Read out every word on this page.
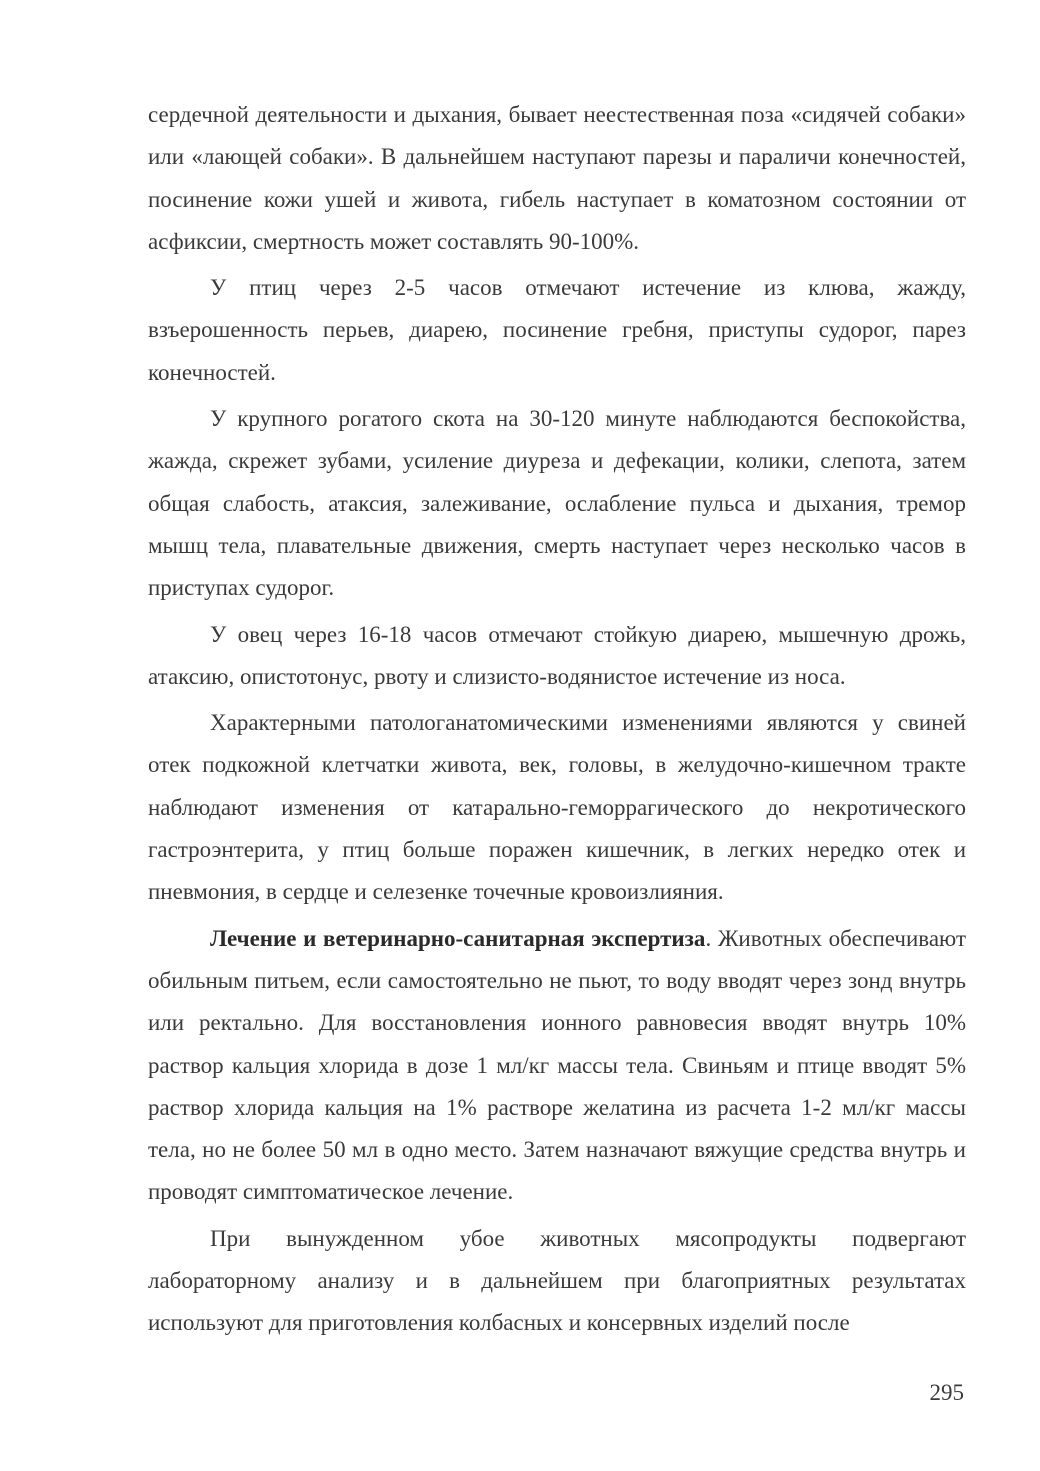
сердечной деятельности и дыхания, бывает неестественная поза «сидячей собаки» или «лающей собаки». В дальнейшем наступают парезы и параличи конечностей, посинение кожи ушей и живота, гибель наступает в коматозном состоянии от асфиксии, смертность может составлять 90-100%.

У птиц через 2-5 часов отмечают истечение из клюва, жажду, взъерошенность перьев, диарею, посинение гребня, приступы судорог, парез конечностей.

У крупного рогатого скота на 30-120 минуте наблюдаются беспокойства, жажда, скрежет зубами, усиление диуреза и дефекации, колики, слепота, затем общая слабость, атаксия, залеживание, ослабление пульса и дыхания, тремор мышц тела, плавательные движения, смерть наступает через несколько часов в приступах судорог.

У овец через 16-18 часов отмечают стойкую диарею, мышечную дрожь, атаксию, опистотонус, рвоту и слизисто-водянистое истечение из носа.

Характерными патологанатомическими изменениями являются у свиней отек подкожной клетчатки живота, век, головы, в желудочно-кишечном тракте наблюдают изменения от катарально-геморрагического до некротического гастроэнтерита, у птиц больше поражен кишечник, в легких нередко отек и пневмония, в сердце и селезенке точечные кровоизлияния.

Лечение и ветеринарно-санитарная экспертиза. Животных обеспечивают обильным питьем, если самостоятельно не пьют, то воду вводят через зонд внутрь или ректально. Для восстановления ионного равновесия вводят внутрь 10% раствор кальция хлорида в дозе 1 мл/кг массы тела. Свиньям и птице вводят 5% раствор хлорида кальция на 1% растворе желатина из расчета 1-2 мл/кг массы тела, но не более 50 мл в одно место. Затем назначают вяжущие средства внутрь и проводят симптоматическое лечение.

При вынужденном убое животных мясопродукты подвергают лабораторному анализу и в дальнейшем при благоприятных результатах используют для приготовления колбасных и консервных изделий после

295
